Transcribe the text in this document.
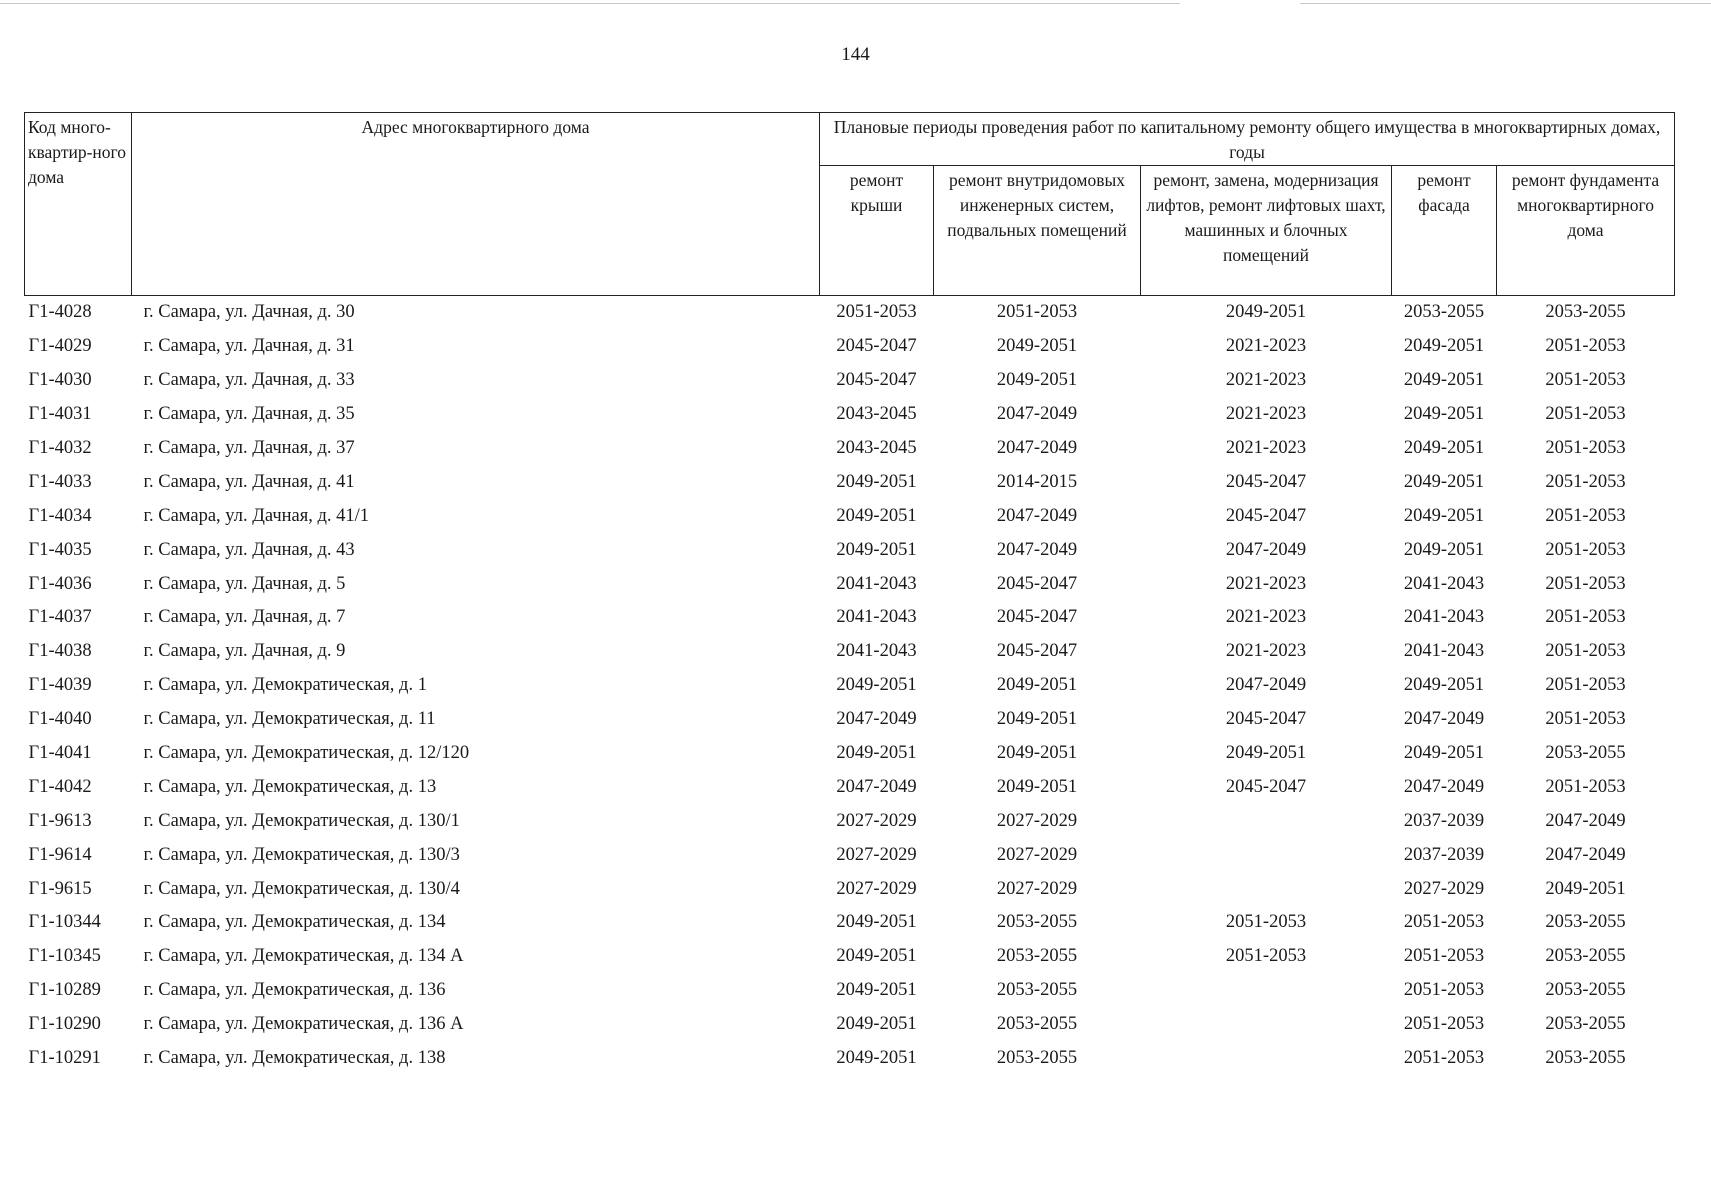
144
Код много-квартир-ного дома	Адрес многоквартирного дома	Плановые периоды проведения работ по капитальному ремонту общего имущества в многоквартирных домах, годы				
		ремонт крыши	ремонт внутридомовых инженерных систем, подвальных помещений	ремонт, замена, модернизация лифтов, ремонт лифтовых шахт, машинных и блочных помещений	ремонт фасада	ремонт фундамента многоквартирного дома
Г1-4028	г. Самара, ул. Дачная, д. 30	2051-2053	2051-2053	2049-2051	2053-2055	2053-2055
Г1-4029	г. Самара, ул. Дачная, д. 31	2045-2047	2049-2051	2021-2023	2049-2051	2051-2053
Г1-4030	г. Самара, ул. Дачная, д. 33	2045-2047	2049-2051	2021-2023	2049-2051	2051-2053
Г1-4031	г. Самара, ул. Дачная, д. 35	2043-2045	2047-2049	2021-2023	2049-2051	2051-2053
Г1-4032	г. Самара, ул. Дачная, д. 37	2043-2045	2047-2049	2021-2023	2049-2051	2051-2053
Г1-4033	г. Самара, ул. Дачная, д. 41	2049-2051	2014-2015	2045-2047	2049-2051	2051-2053
Г1-4034	г. Самара, ул. Дачная, д. 41/1	2049-2051	2047-2049	2045-2047	2049-2051	2051-2053
Г1-4035	г. Самара, ул. Дачная, д. 43	2049-2051	2047-2049	2047-2049	2049-2051	2051-2053
Г1-4036	г. Самара, ул. Дачная, д. 5	2041-2043	2045-2047	2021-2023	2041-2043	2051-2053
Г1-4037	г. Самара, ул. Дачная, д. 7	2041-2043	2045-2047	2021-2023	2041-2043	2051-2053
Г1-4038	г. Самара, ул. Дачная, д. 9	2041-2043	2045-2047	2021-2023	2041-2043	2051-2053
Г1-4039	г. Самара, ул. Демократическая, д. 1	2049-2051	2049-2051	2047-2049	2049-2051	2051-2053
Г1-4040	г. Самара, ул. Демократическая, д. 11	2047-2049	2049-2051	2045-2047	2047-2049	2051-2053
Г1-4041	г. Самара, ул. Демократическая, д. 12/120	2049-2051	2049-2051	2049-2051	2049-2051	2053-2055
Г1-4042	г. Самара, ул. Демократическая, д. 13	2047-2049	2049-2051	2045-2047	2047-2049	2051-2053
Г1-9613	г. Самара, ул. Демократическая, д. 130/1	2027-2029	2027-2029		2037-2039	2047-2049
Г1-9614	г. Самара, ул. Демократическая, д. 130/3	2027-2029	2027-2029		2037-2039	2047-2049
Г1-9615	г. Самара, ул. Демократическая, д. 130/4	2027-2029	2027-2029		2027-2029	2049-2051
Г1-10344	г. Самара, ул. Демократическая, д. 134	2049-2051	2053-2055	2051-2053	2051-2053	2053-2055
Г1-10345	г. Самара, ул. Демократическая, д. 134 А	2049-2051	2053-2055	2051-2053	2051-2053	2053-2055
Г1-10289	г. Самара, ул. Демократическая, д. 136	2049-2051	2053-2055		2051-2053	2053-2055
Г1-10290	г. Самара, ул. Демократическая, д. 136 А	2049-2051	2053-2055		2051-2053	2053-2055
Г1-10291	г. Самара, ул. Демократическая, д. 138	2049-2051	2053-2055		2051-2053	2053-2055
